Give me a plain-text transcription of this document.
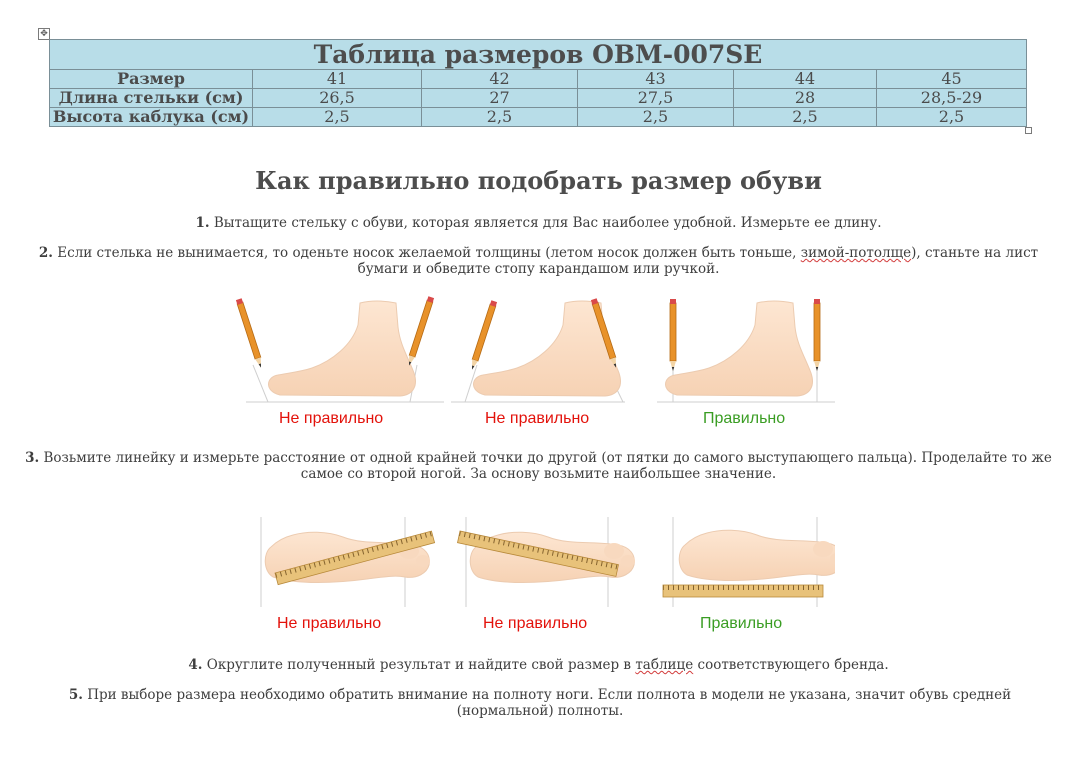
✥
Таблица размеров OBM-007SE					
Размер	41	42	43	44	45
Длина стельки (см)	26,5	27	27,5	28	28,5-29
Высота каблука (см)	2,5	2,5	2,5	2,5	2,5
Как правильно подобрать размер обуви
1. Вытащите стельку с обуви, которая является для Вас наиболее удобной. Измерьте ее длину.
2. Если стелька не вынимается, то оденьте носок желаемой толщины (летом носок должен быть тоньше, зимой-потолще), станьте на лист бумаги и обведите стопу карандашом или ручкой.
Не правильно	Не правильно	Правильно
3. Возьмите линейку и измерьте расстояние от одной крайней точки до другой (от пятки до самого выступающего пальца). Проделайте то же самое со второй ногой. За основу возьмите наибольшее значение.
Не правильно	Не правильно	Правильно
4. Округлите полученный результат и найдите свой размер в таблице соответствующего бренда.
5. При выборе размера необходимо обратить внимание на полноту ноги. Если полнота в модели не указана, значит обувь средней (нормальной) полноты.
